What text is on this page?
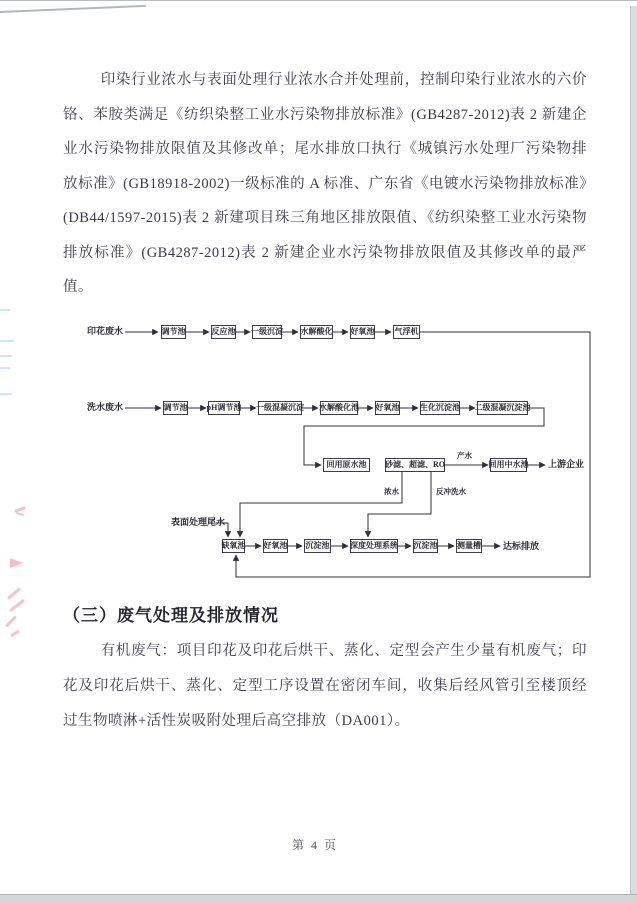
印染行业浓水与表面处理行业浓水合并处理前，控制印染行业浓水的六价铬、苯胺类满足《纺织染整工业水污染物排放标准》(GB4287-2012)表 2 新建企业水污染物排放限值及其修改单；尾水排放口执行《城镇污水处理厂污染物排放标准》(GB18918-2002)一级标准的 A 标准、广东省《电镀水污染物排放标准》(DB44/1597-2015)表 2 新建项目珠三角地区排放限值、《纺织染整工业水污染物排放标准》(GB4287-2012)表 2 新建企业水污染物排放限值及其修改单的最严值。
印花废水	调节池	反应池 一级沉淀 水解酸化 好氧池	气浮机
洗水废水	调节池 pH调节池 一级混凝沉淀 水解酸化池 好氧池	生化沉淀池 二级混凝沉淀池
回用原水池	砂滤、超滤、RO	回用中水池
产水
上游企业
浓水	反冲洗水
表面处理尾水
缺氧池 好氧池 沉淀池	深度处理系统 沉淀池 测量槽 达标排放
（三）废气处理及排放情况
有机废气：项目印花及印花后烘干、蒸化、定型会产生少量有机废气；印花及印花后烘干、蒸化、定型工序设置在密闭车间，收集后经风管引至楼顶经过生物喷淋+活性炭吸附处理后高空排放（DA001）。
第 4 页
